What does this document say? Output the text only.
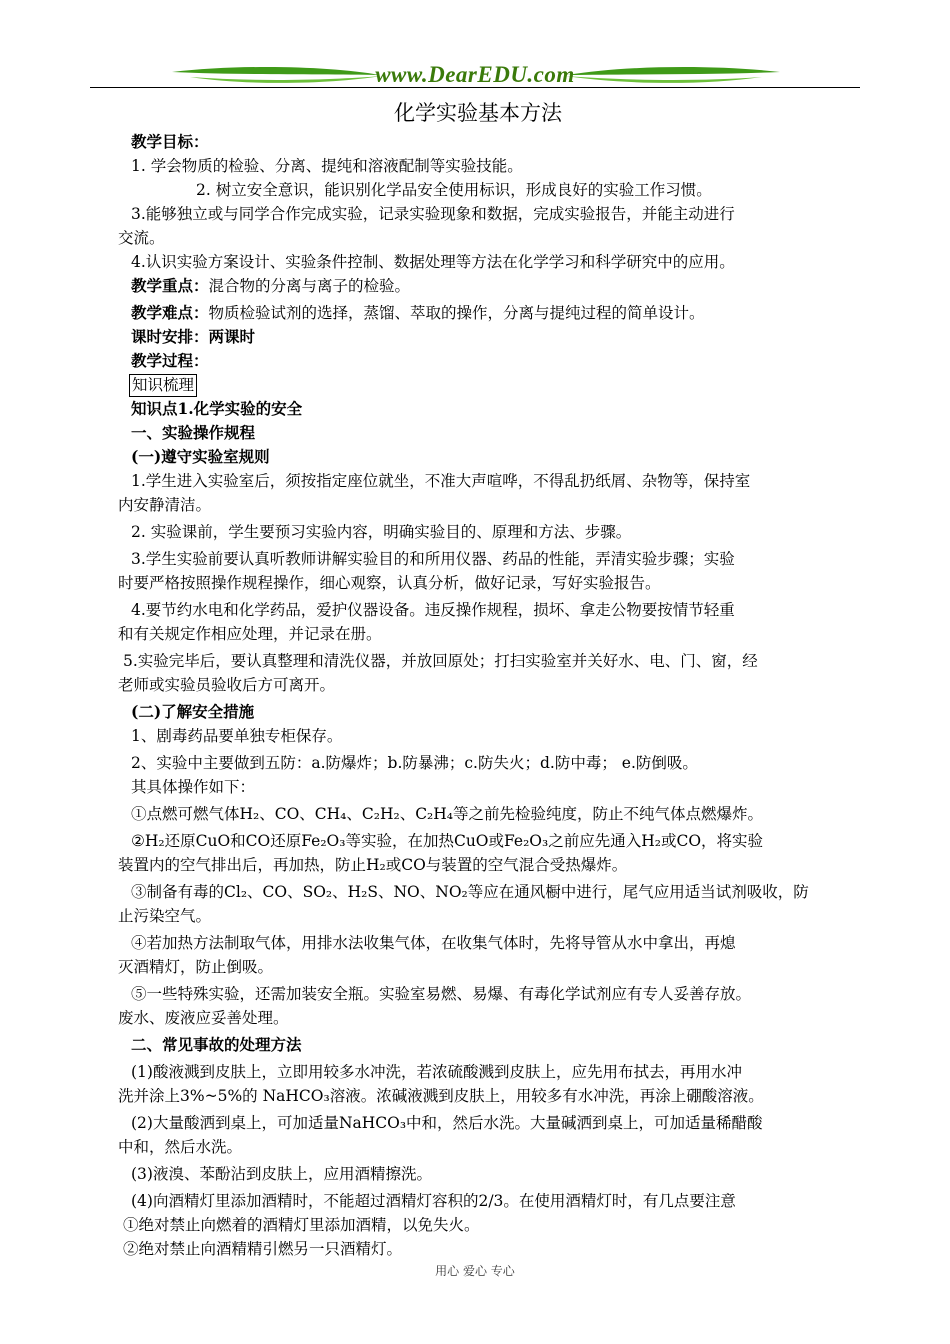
www.DearEDU.com
化学实验基本方法
教学目标：
1. 学会物质的检验、分离、提纯和溶液配制等实验技能。
2. 树立安全意识，能识别化学品安全使用标识，形成良好的实验工作习惯。
3.能够独立或与同学合作完成实验，记录实验现象和数据，完成实验报告，并能主动进行
交流。
4.认识实验方案设计、实验条件控制、数据处理等方法在化学学习和科学研究中的应用。
教学重点：混合物的分离与离子的检验。
教学难点：物质检验试剂的选择，蒸馏、萃取的操作，分离与提纯过程的简单设计。
课时安排：两课时
教学过程：
知识梳理
知识点1.化学实验的安全
一、实验操作规程
(一)遵守实验室规则
1.学生进入实验室后，须按指定座位就坐，不准大声喧哗，不得乱扔纸屑、杂物等，保持室
内安静清洁。
2. 实验课前，学生要预习实验内容，明确实验目的、原理和方法、步骤。
3.学生实验前要认真听教师讲解实验目的和所用仪器、药品的性能，弄清实验步骤；实验
时要严格按照操作规程操作，细心观察，认真分析，做好记录，写好实验报告。
4.要节约水电和化学药品，爱护仪器设备。违反操作规程，损坏、拿走公物要按情节轻重
和有关规定作相应处理，并记录在册。
5.实验完毕后，要认真整理和清洗仪器，并放回原处；打扫实验室并关好水、电、门、窗，经
老师或实验员验收后方可离开。
(二)了解安全措施
1、剧毒药品要单独专柜保存。
2、实验中主要做到五防：a.防爆炸；b.防暴沸；c.防失火；d.防中毒； e.防倒吸。
其具体操作如下：
①点燃可燃气体H₂、CO、CH₄、C₂H₂、C₂H₄等之前先检验纯度，防止不纯气体点燃爆炸。
②H₂还原CuO和CO还原Fe₂O₃等实验，在加热CuO或Fe₂O₃之前应先通入H₂或CO，将实验
装置内的空气排出后，再加热，防止H₂或CO与装置的空气混合受热爆炸。
③制备有毒的Cl₂、CO、SO₂、H₂S、NO、NO₂等应在通风橱中进行，尾气应用适当试剂吸收，防
止污染空气。
④若加热方法制取气体，用排水法收集气体，在收集气体时，先将导管从水中拿出，再熄
灭酒精灯，防止倒吸。
⑤一些特殊实验，还需加装安全瓶。实验室易燃、易爆、有毒化学试剂应有专人妥善存放。
废水、废液应妥善处理。
二、常见事故的处理方法
(1)酸液溅到皮肤上，立即用较多水冲洗，若浓硫酸溅到皮肤上，应先用布拭去，再用水冲
洗并涂上3%~5%的 NaHCO₃溶液。浓碱液溅到皮肤上，用较多有水冲洗，再涂上硼酸溶液。
(2)大量酸洒到桌上，可加适量NaHCO₃中和，然后水洗。大量碱洒到桌上，可加适量稀醋酸
中和，然后水洗。
(3)液溴、苯酚沾到皮肤上，应用酒精擦洗。
(4)向酒精灯里添加酒精时，不能超过酒精灯容积的2/3。在使用酒精灯时，有几点要注意
①绝对禁止向燃着的酒精灯里添加酒精，以免失火。
②绝对禁止向酒精精引燃另一只酒精灯。
用心 爱心 专心
